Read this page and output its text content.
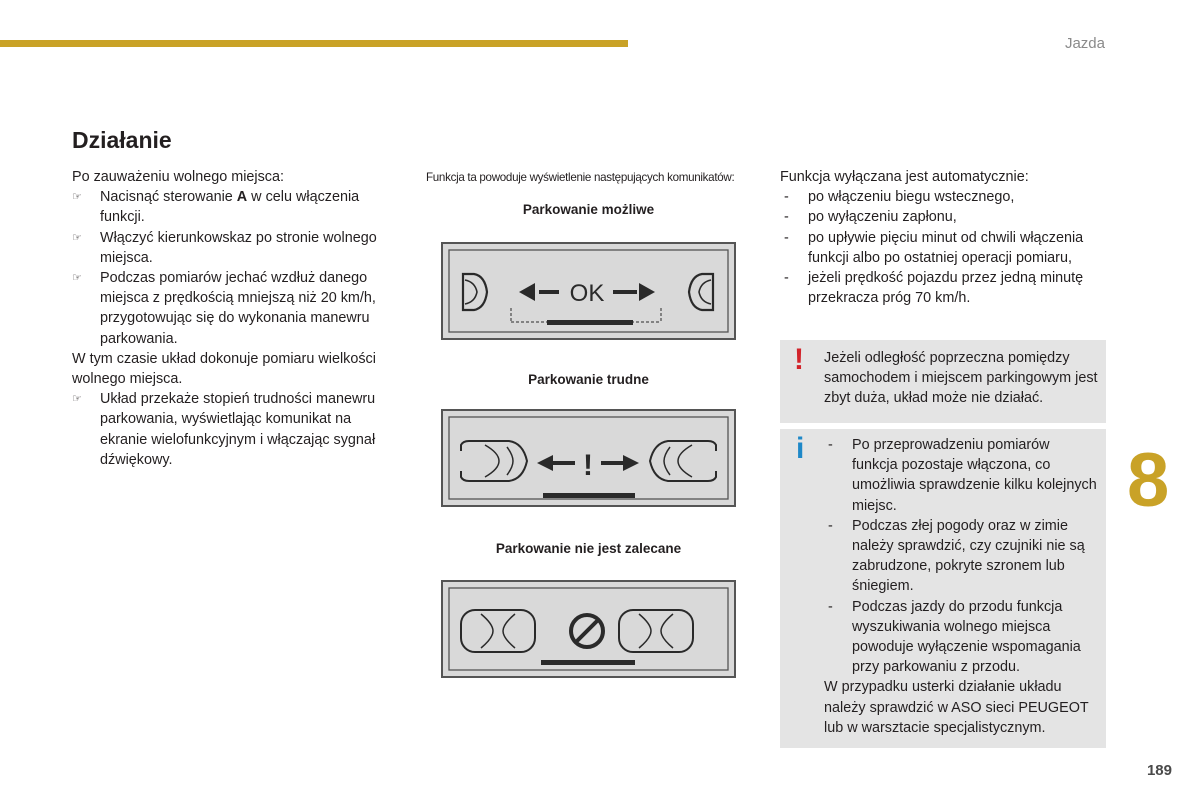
Jazda
Działanie

Po zauważeniu wolnego miejsca:

☞ Nacisnąć sterowanie A w celu włączenia funkcji.
☞ Włączyć kierunkowskaz po stronie wolnego miejsca.
☞ Podczas pomiarów jechać wzdłuż danego miejsca z prędkością mniejszą niż 20 km/h, przygotowując się do wykonania manewru parkowania.

W tym czasie układ dokonuje pomiaru wielkości wolnego miejsca.

☞ Układ przekaże stopień trudności manewru parkowania, wyświetlając komunikat na ekranie wielofunkcyjnym i włączając sygnał dźwiękowy.
Funkcja ta powoduje wyświetlenie następujących komunikatów:
Parkowanie możliwe
OK
Parkowanie trudne
!
Parkowanie nie jest zalecane

Funkcja wyłączana jest automatycznie:

- po włączeniu biegu wstecznego,
- po wyłączeniu zapłonu,
- po upływie pięciu minut od chwili włączenia funkcji albo po ostatniej operacji pomiaru,
- jeżeli prędkość pojazdu przez jedną minutę przekracza próg 70 km/h.
! Jeżeli odległość poprzeczna pomiędzy samochodem i miejscem parkingowym jest zbyt duża, układ może nie działać.
i - Po przeprowadzeniu pomiarów funkcja pozostaje włączona, co umożliwia sprawdzenie kilku kolejnych miejsc.
- Podczas złej pogody oraz w zimie należy sprawdzić, czy czujniki nie są zabrudzone, pokryte szronem lub śniegiem.
- Podczas jazdy do przodu funkcja wyszukiwania wolnego miejsca powoduje wyłączenie wspomagania przy parkowaniu z przodu.

W przypadku usterki działanie układu należy sprawdzić w ASO sieci PEUGEOT lub w warsztacie specjalistycznym.

8
189
